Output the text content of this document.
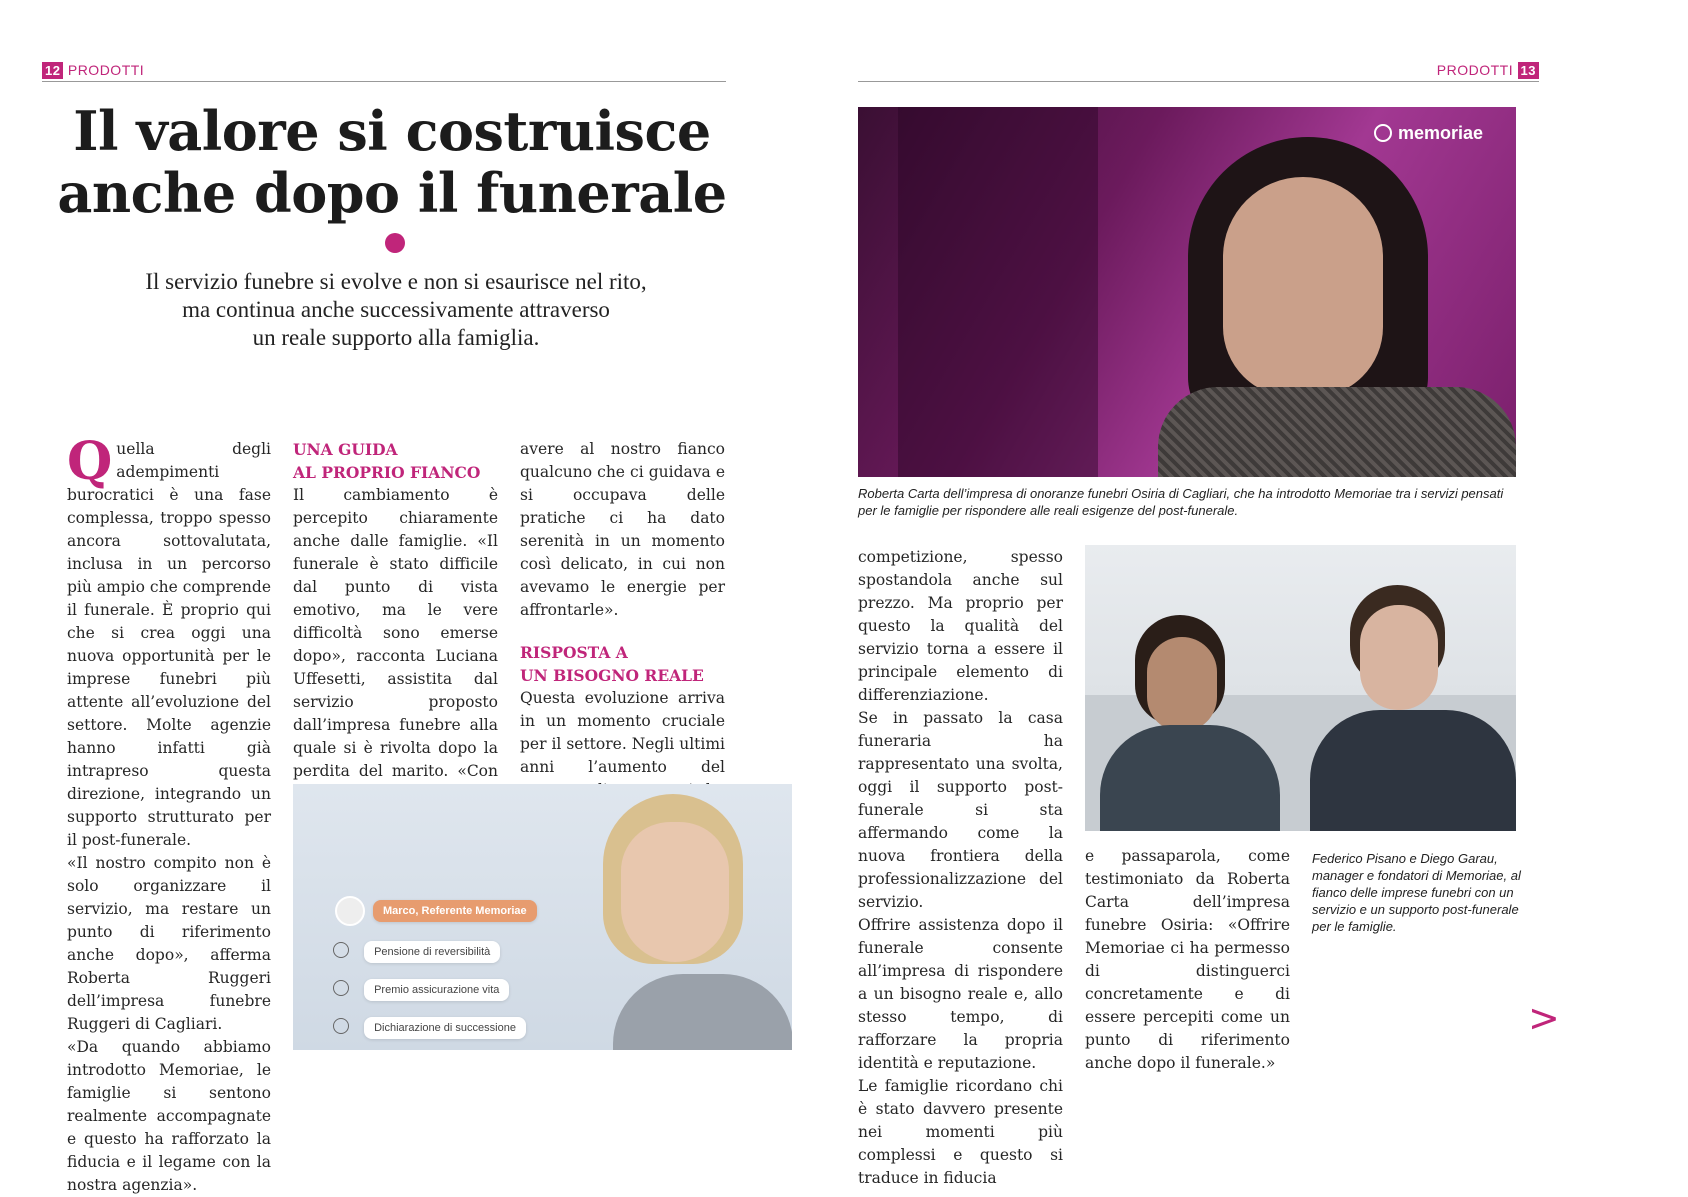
12 PRODOTTI	PRODOTTI 13
Il valore si costruisce
anche dopo il funerale
Il servizio funebre si evolve e non si esaurisce nel rito,
ma continua anche successivamente attraverso
un reale supporto alla famiglia.

Quella degli adempimenti burocratici è una fase complessa, troppo spesso ancora sottovalutata, inclusa in un percorso più ampio che comprende il funerale. È proprio qui che si crea oggi una nuova opportunità per le imprese funebri più attente all’evoluzione del settore. Molte agenzie hanno infatti già intrapreso questa direzione, integrando un supporto strutturato per il post-funerale.

«Il nostro compito non è solo organizzare il servizio, ma restare un punto di riferimento anche dopo», afferma Roberta Ruggeri dell’impresa funebre Ruggeri di Cagliari.

«Da quando abbiamo introdotto Memoriae, le famiglie si sentono realmente accompagnate e questo ha rafforzato la fiducia e il legame con la nostra agenzia».

UNA GUIDA
AL PROPRIO FIANCO

Il cambiamento è percepito chiaramente anche dalle famiglie. «Il funerale è stato difficile dal punto di vista emotivo, ma le vere difficoltà sono emerse dopo», racconta Luciana Uffesetti, assistita dal servizio proposto dall’impresa funebre alla quale si è rivolta dopo la perdita del marito. «Con

avere al nostro fianco qualcuno che ci guidava e si occupava delle pratiche ci ha dato serenità in un momento così delicato, in cui non avevamo le energie per affrontarle».

RISPOSTA A
UN BISOGNO REALE

Questa evoluzione arriva in un momento cruciale per il settore. Negli ultimi anni l’aumento del

Marco, Referente Memoriae
Pensione di reversibilità
Premio assicurazione vita
Dichiarazione di successione
memoriae
Roberta Carta dell’impresa di onoranze funebri Osiria di Cagliari, che ha introdotto Memoriae tra i servizi pensati per le famiglie per rispondere alle reali esigenze del post-funerale.

competizione, spesso spostandola anche sul prezzo. Ma proprio per questo la qualità del servizio torna a essere il principale elemento di differenziazione.

Se in passato la casa funeraria ha rappresentato una svolta, oggi il supporto post-funerale si sta affermando come la nuova frontiera della professionalizzazione del servizio.

Offrire assistenza dopo il funerale consente all’impresa di rispondere a un bisogno reale e, allo stesso tempo, di rafforzare la propria identità e reputazione.

Le famiglie ricordano chi è stato davvero presente nei momenti più complessi e questo si traduce in fiducia

Federico Pisano e Diego Garau, manager e fondatori di Memoriae, al fianco delle imprese funebri con un servizio e un supporto post-funerale per le famiglie.

e passaparola, come testimoniato da Roberta Carta dell’impresa funebre Osiria: «Offrire Memoriae ci ha permesso di distinguerci concretamente e di essere percepiti come un punto di riferimento anche dopo il funerale.»

>
